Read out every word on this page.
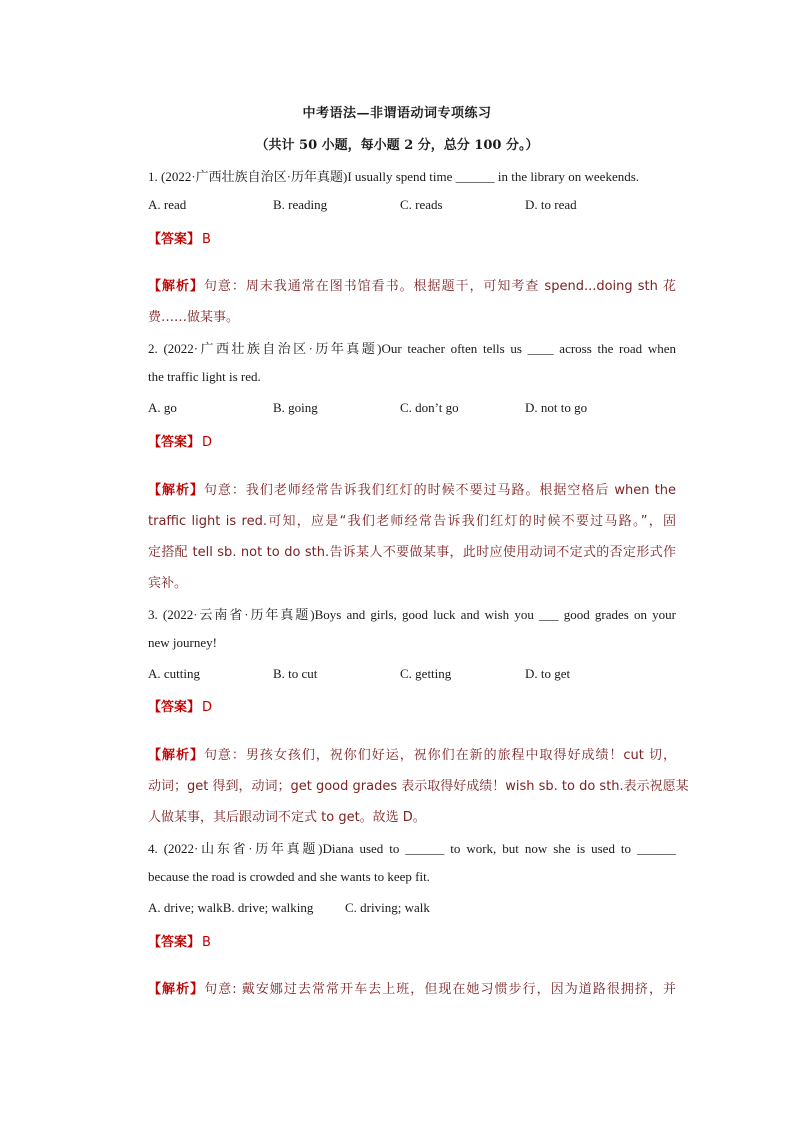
中考语法—非谓语动词专项练习
（共计 50 小题，每小题 2 分，总分 100 分。）
1. (2022·广西壮族自治区·历年真题)I usually spend time ______ in the library on weekends.
A. read	B. reading	C. reads	D. to read
【答案】 B
【解析】句意：周末我通常在图书馆看书。根据题干，可知考查 spend...doing sth 花
费……做某事。
2. (2022·广西壮族自治区·历年真题)Our teacher often tells us ____ across the road when
the traffic light is red.
A. go	B. going	C. don’t go	D. not to go
【答案】 D
【解析】句意：我们老师经常告诉我们红灯的时候不要过马路。根据空格后 when the
traffic light is red.可知，应是“我们老师经常告诉我们红灯的时候不要过马路。”，固
定搭配 tell sb. not to do sth.告诉某人不要做某事，此时应使用动词不定式的否定形式作
宾补。
3. (2022·云南省·历年真题)Boys and girls, good luck and wish you ___ good grades on your
new journey!
A. cutting	B. to cut	C. getting	D. to get
【答案】 D
【解析】句意：男孩女孩们，祝你们好运，祝你们在新的旅程中取得好成绩！cut 切，
动词；get 得到，动词；get good grades 表示取得好成绩！wish sb. to do sth.表示祝愿某
人做某事，其后跟动词不定式 to get。故选 D。
4. (2022·山东省·历年真题)Diana used to ______ to work, but now she is used to ______
because the road is crowded and she wants to keep fit.
A. drive; walkB. drive; walking C. driving; walk
【答案】 B
【解析】句意: 戴安娜过去常常开车去上班，但现在她习惯步行，因为道路很拥挤，并
